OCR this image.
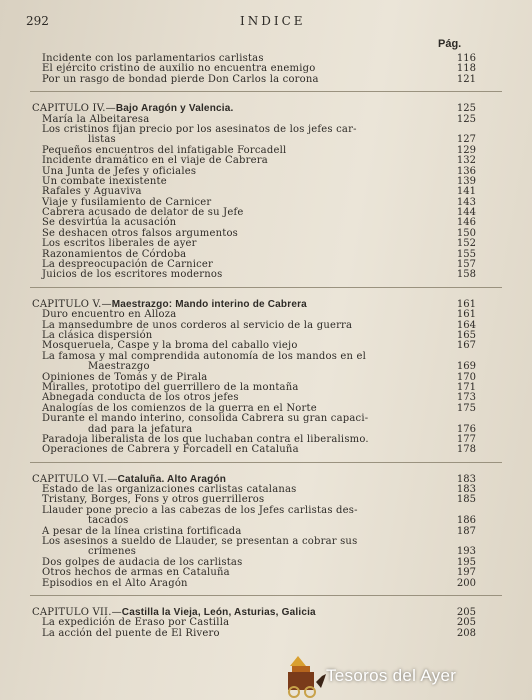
292	INDICE
Pág.
Incidente con los parlamentarios carlistas	116
El ejército cristino de auxilio no encuentra enemigo	118
Por un rasgo de bondad pierde Don Carlos la corona	121
CAPITULO IV.—Bajo Aragón y Valencia.	125
María la Albeitaresa	125
Los cristinos fijan precio por los asesinatos de los jefes car-
listas	127
Pequeños encuentros del infatigable Forcadell	129
Incidente dramático en el viaje de Cabrera	132
Una Junta de Jefes y oficiales	136
Un combate inexistente	139
Rafales y Aguaviva	141
Viaje y fusilamiento de Carnicer	143
Cabrera acusado de delator de su Jefe	144
Se desvirtúa la acusación	146
Se deshacen otros falsos argumentos	150
Los escritos liberales de ayer	152
Razonamientos de Córdoba	155
La despreocupación de Carnicer	157
Juicios de los escritores modernos	158
CAPITULO V.—Maestrazgo: Mando interino de Cabrera	161
Duro encuentro en Alloza	161
La mansedumbre de unos corderos al servicio de la guerra	164
La clásica dispersión	165
Mosqueruela, Caspe y la broma del caballo viejo	167
La famosa y mal comprendida autonomía de los mandos en el
Maestrazgo	169
Opiniones de Tomás y de Pirala	170
Miralles, prototipo del guerrillero de la montaña	171
Abnegada conducta de los otros jefes	173
Analogías de los comienzos de la guerra en el Norte	175
Durante el mando interino, consolida Cabrera su gran capaci-
dad para la jefatura	176
Paradoja liberalista de los que luchaban contra el liberalismo.	177
Operaciones de Cabrera y Forcadell en Cataluña	178
CAPITULO VI.—Cataluña. Alto Aragón	183
Estado de las organizaciones carlistas catalanas	183
Tristany, Borges, Fons y otros guerrilleros	185
Llauder pone precio a las cabezas de los Jefes carlistas des-
tacados	186
A pesar de la línea cristina fortificada	187
Los asesinos a sueldo de Llauder, se presentan a cobrar sus
crímenes	193
Dos golpes de audacia de los carlistas	195
Otros hechos de armas en Cataluña	197
Episodios en el Alto Aragón	200
CAPITULO VII.—Castilla la Vieja, León, Asturias, Galicia	205
La expedición de Eraso por Castilla	205
La acción del puente de El Rivero	208
Tesoros del Ayer
